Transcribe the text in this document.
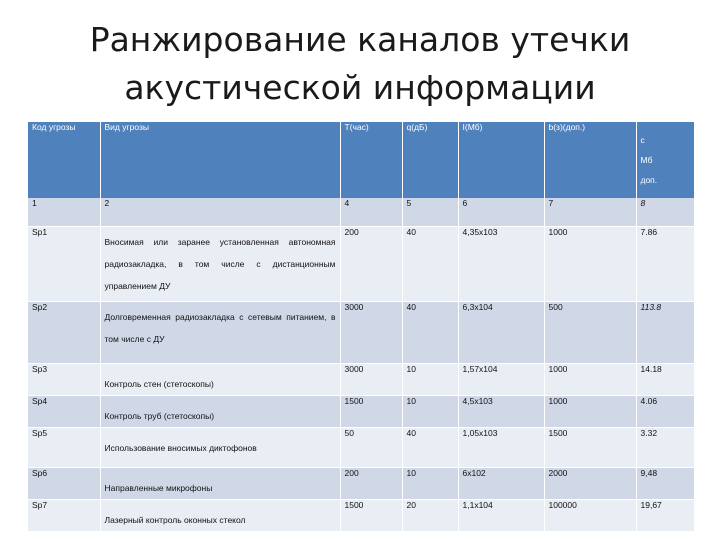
Ранжирование каналов утечки
акустической информации
Код угрозы	Вид угрозы	T(час)	q(дБ)	I(Мб)	b(з)(доп.)	c
Мб
доп.

1	2	4	5	6	7	8
Sр1	Вносимая или заранее установленная автономная радиозакладка, в том числе с дистанционным управлением ДУ	200	40	4,35х103	1000	7.86
Sр2	Долговременная радиозакладка с сетевым питанием, в том числе с ДУ	3000	40	6,3х104	500	113.8
Sр3	Контроль стен (стетоскопы)	3000	10	1,57х104	1000	14.18
Sр4	Контроль труб (стетоскопы)	1500	10	4,5х103	1000	4.06
Sр5	Использование вносимых диктофонов	50	40	1,05х103	1500	3.32
Sр6	Направленные микрофоны	200	10	6х102	2000	9,48
Sр7	Лазерный контроль оконных стекол	1500	20	1,1х104	100000	19,67
